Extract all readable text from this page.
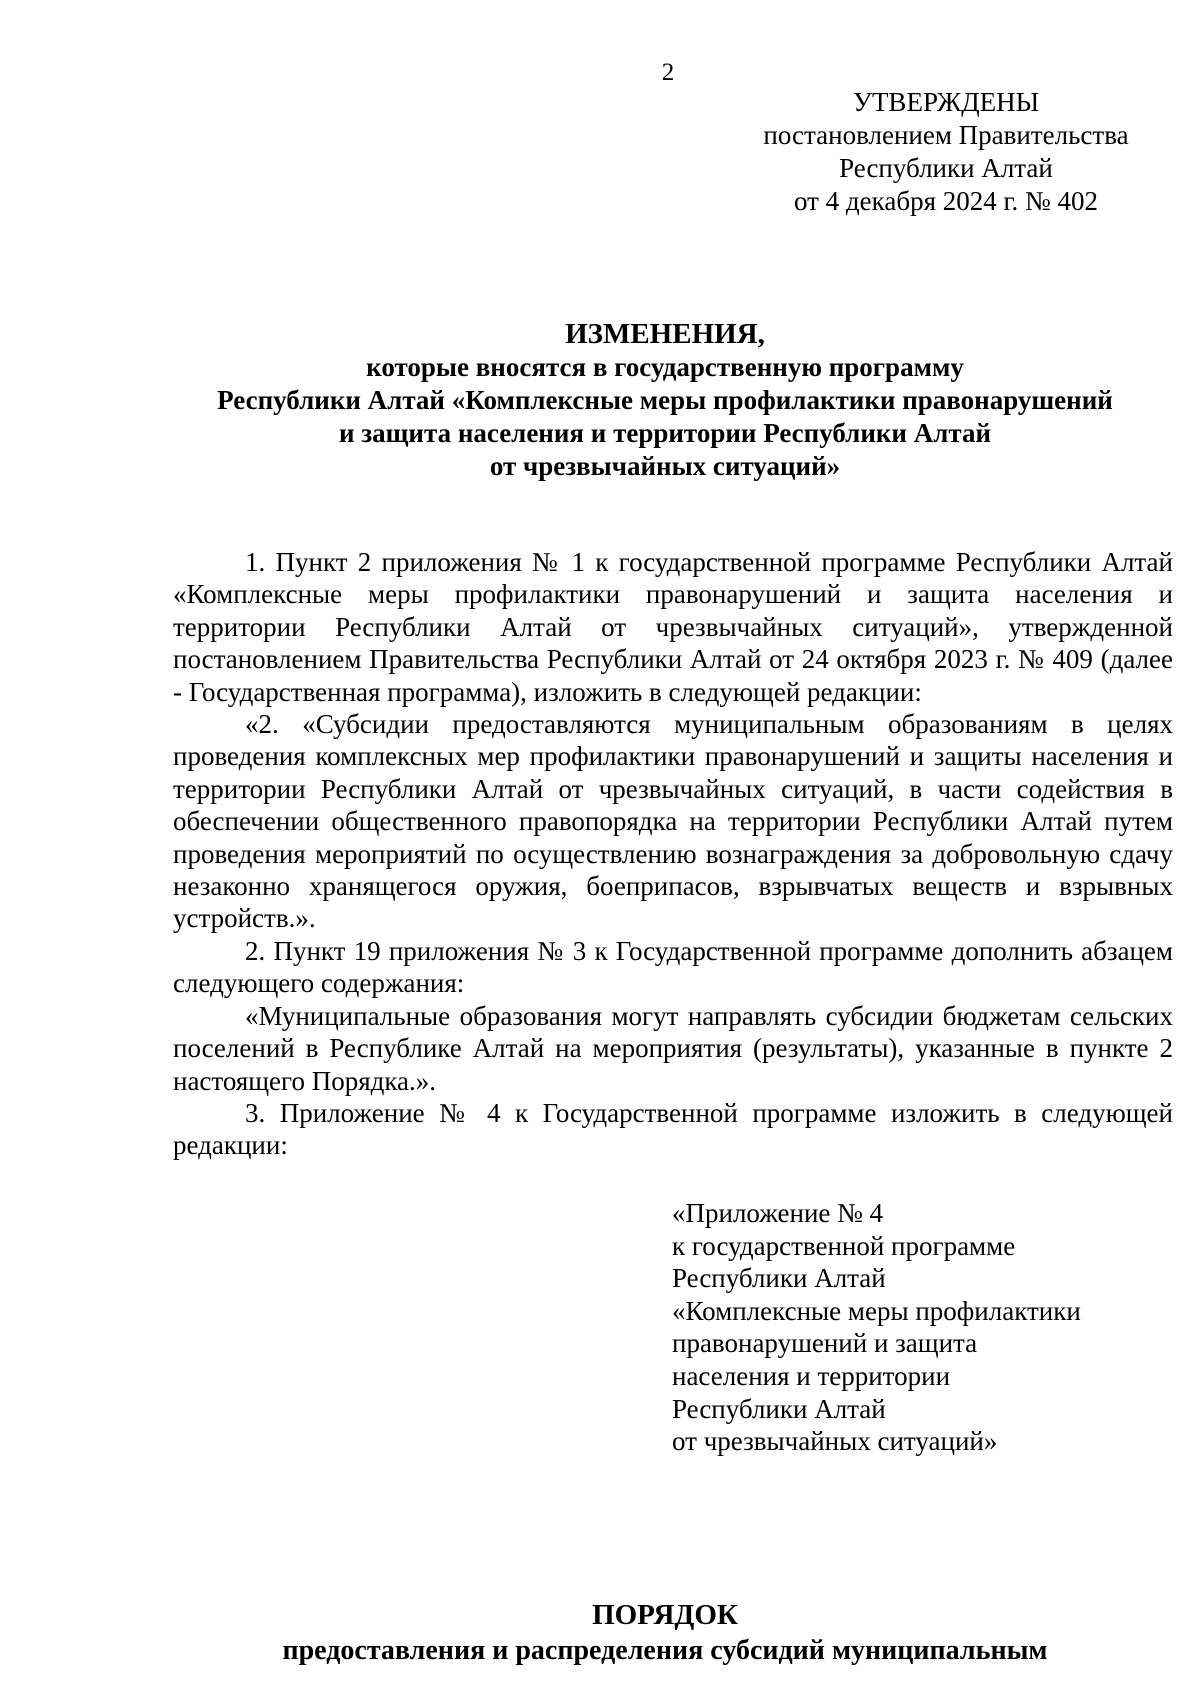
2
УТВЕРЖДЕНЫ
постановлением Правительства
Республики Алтай
от 4 декабря 2024 г. № 402
ИЗМЕНЕНИЯ,
которые вносятся в государственную программу
Республики Алтай «Комплексные меры профилактики правонарушений
и защита населения и территории Республики Алтай
от чрезвычайных ситуаций»

1. Пункт 2 приложения № 1 к государственной программе Республики Алтай «Комплексные меры профилактики правонарушений и защита населения и территории Республики Алтай от чрезвычайных ситуаций», утвержденной постановлением Правительства Республики Алтай от 24 октября 2023 г. № 409 (далее - Государственная программа), изложить в следующей редакции:

«2. «Субсидии предоставляются муниципальным образованиям в целях проведения комплексных мер профилактики правонарушений и защиты населения и территории Республики Алтай от чрезвычайных ситуаций, в части содействия в обеспечении общественного правопорядка на территории Республики Алтай путем проведения мероприятий по осуществлению вознаграждения за добровольную сдачу незаконно хранящегося оружия, боеприпасов, взрывчатых веществ и взрывных устройств.».

2. Пункт 19 приложения № 3 к Государственной программе дополнить абзацем следующего содержания:

«Муниципальные образования могут направлять субсидии бюджетам сельских поселений в Республике Алтай на мероприятия (результаты), указанные в пункте 2 настоящего Порядка.».

3. Приложение № 4 к Государственной программе изложить в следующей редакции:

«Приложение № 4
к государственной программе
Республики Алтай
«Комплексные меры профилактики
правонарушений и защита
населения и территории
Республики Алтай
от чрезвычайных ситуаций»
ПОРЯДОК
предоставления и распределения субсидий муниципальным
